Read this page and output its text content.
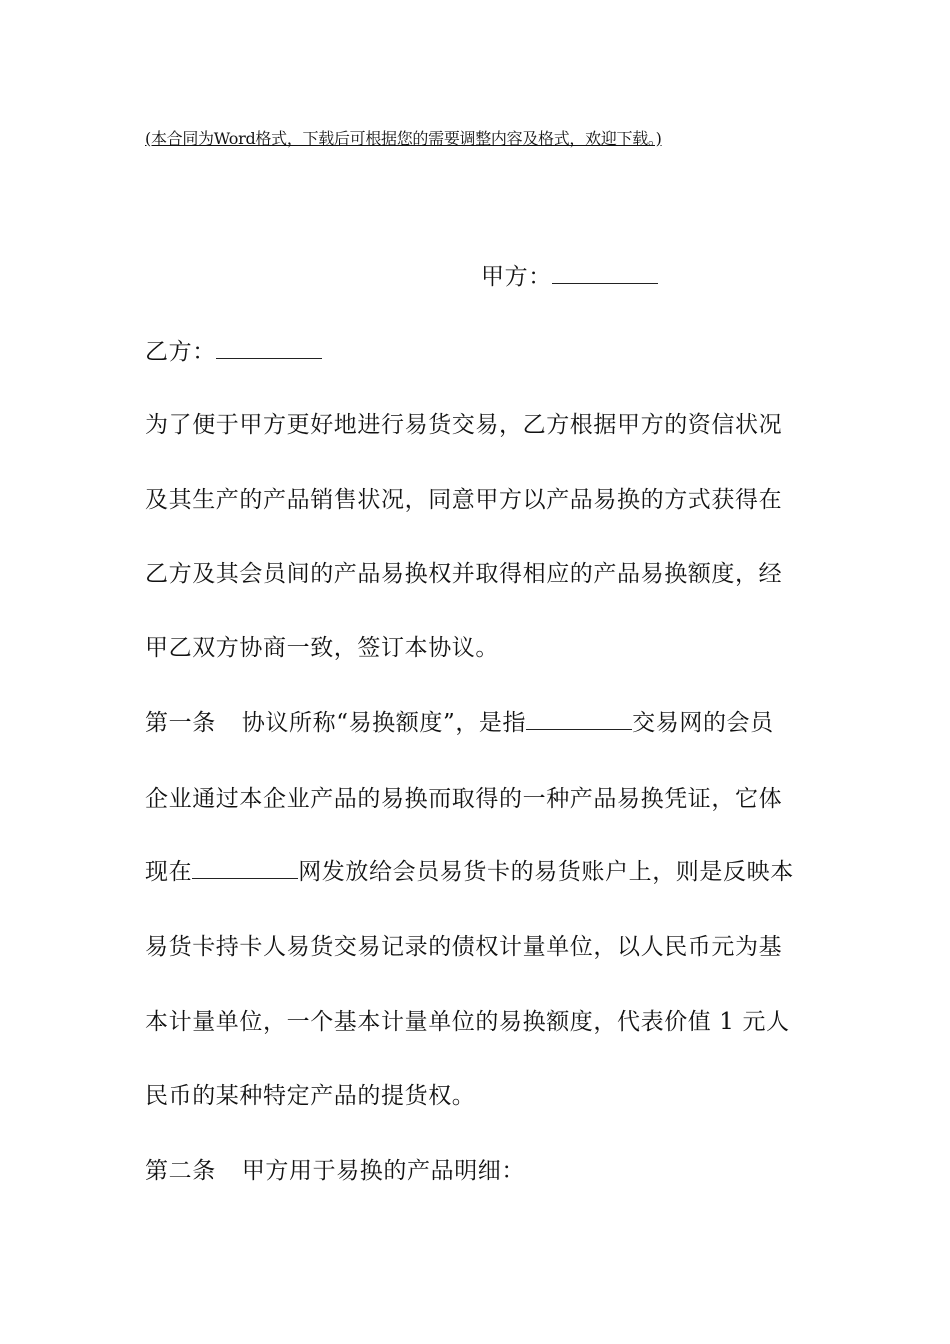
(本合同为Word格式，下载后可根据您的需要调整内容及格式，欢迎下载。)
甲方：
乙方：
为了便于甲方更好地进行易货交易，乙方根据甲方的资信状况
及其生产的产品销售状况，同意甲方以产品易换的方式获得在
乙方及其会员间的产品易换权并取得相应的产品易换额度，经
甲乙双方协商一致，签订本协议。
第一条 协议所称“易换额度”，是指	交易网的会员
企业通过本企业产品的易换而取得的一种产品易换凭证，它体
现在	网发放给会员易货卡的易货账户上，则是反映本
易货卡持卡人易货交易记录的债权计量单位，以人民币元为基
本计量单位，一个基本计量单位的易换额度，代表价值 1 元人
民币的某种特定产品的提货权。
第二条 甲方用于易换的产品明细：
